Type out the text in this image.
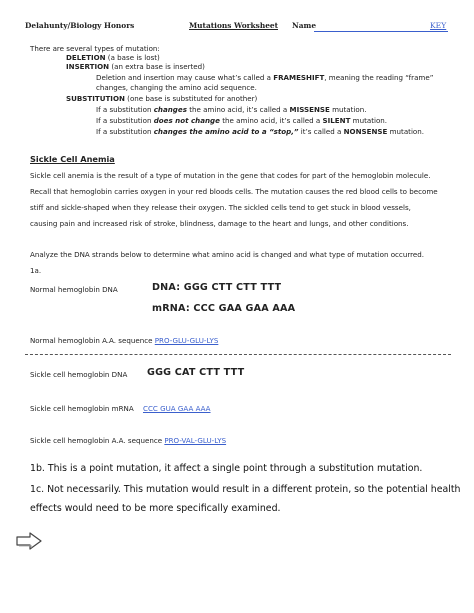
Delahunty/Biology Honors	Mutations Worksheet Name	KEY
There are several types of mutation:
DELETION (a base is lost)
INSERTION (an extra base is inserted)
Deletion and insertion may cause what’s called a FRAMESHIFT, meaning the reading “frame”
changes, changing the amino acid sequence.
SUBSTITUTION (one base is substituted for another)
If a substitution changes the amino acid, it’s called a MISSENSE mutation.
If a substitution does not change the amino acid, it’s called a SILENT mutation.
If a substitution changes the amino acid to a “stop,” it’s called a NONSENSE mutation.
Sickle Cell Anemia
Sickle cell anemia is the result of a type of mutation in the gene that codes for part of the hemoglobin molecule.
Recall that hemoglobin carries oxygen in your red bloods cells. The mutation causes the red blood cells to become
stiff and sickle-shaped when they release their oxygen. The sickled cells tend to get stuck in blood vessels,
causing pain and increased risk of stroke, blindness, damage to the heart and lungs, and other conditions.
Analyze the DNA strands below to determine what amino acid is changed and what type of mutation occurred.
1a.
Normal hemoglobin DNA	DNA: GGG CTT CTT TTT
mRNA: CCC GAA GAA AAA
Normal hemoglobin A.A. sequence PRO-GLU-GLU-LYS
Sickle cell hemoglobin DNA GGG CAT CTT TTT
Sickle cell hemoglobin mRNA CCC GUA GAA AAA
Sickle cell hemoglobin A.A. sequence PRO-VAL-GLU-LYS
1b. This is a point mutation, it affect a single point through a substitution mutation.
1c. Not necessarily. This mutation would result in a different protein, so the potential health
effects would need to be more specifically examined.
